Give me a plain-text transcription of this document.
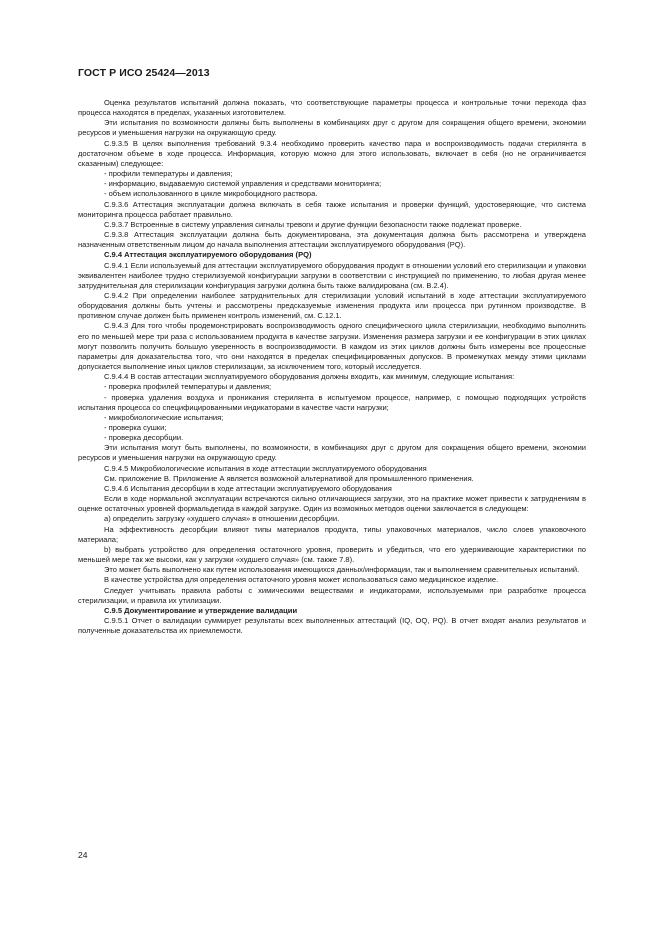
ГОСТ Р ИСО 25424—2013

Оценка результатов испытаний должна показать, что соответствующие параметры процесса и контрольные точки перехода фаз процесса находятся в пределах, указанных изготовителем.

Эти испытания по возможности должны быть выполнены в комбинациях друг с другом для сокращения общего времени, экономии ресурсов и уменьшения нагрузки на окружающую среду.

С.9.3.5 В целях выполнения требований 9.3.4 необходимо проверить качество пара и воспроизводимость подачи стерилянта в достаточном объеме в ходе процесса. Информация, которую можно для этого использовать, включает в себя (но не ограничивается сказанным) следующее:

- профили температуры и давления;

- информацию, выдаваемую системой управления и средствами мониторинга;

- объем использованного в цикле микробоцидного раствора.

С.9.3.6 Аттестация эксплуатации должна включать в себя также испытания и проверки функций, удостоверяющие, что система мониторинга процесса работает правильно.

С.9.3.7 Встроенные в систему управления сигналы тревоги и другие функции безопасности также подлежат проверке.

С.9.3.8 Аттестация эксплуатации должна быть документирована, эта документация должна быть рассмотрена и утверждена назначенным ответственным лицом до начала выполнения аттестации эксплуатируемого оборудования (PQ).

С.9.4 Аттестация эксплуатируемого оборудования (PQ)

С.9.4.1 Если используемый для аттестации эксплуатируемого оборудования продукт в отношении условий его стерилизации и упаковки эквивалентен наиболее трудно стерилизуемой конфигурации загрузки в соответствии с инструкцией по применению, то любая другая менее затруднительная для стерилизации конфигурация загрузки должна быть также валидирована (см. В.2.4).

С.9.4.2 При определении наиболее затруднительных для стерилизации условий испытаний в ходе аттестации эксплуатируемого оборудования должны быть учтены и рассмотрены предсказуемые изменения продукта или процесса при рутинном производстве. В противном случае должен быть применен контроль изменений, см. С.12.1.

С.9.4.3 Для того чтобы продемонстрировать воспроизводимость одного специфического цикла стерилизации, необходимо выполнить его по меньшей мере три раза с использованием продукта в качестве загрузки. Изменения размера загрузки и ее конфигурации в этих циклах могут позволить получить большую уверенность в воспроизводимости. В каждом из этих циклов должны быть измерены все процессные параметры для доказательства того, что они находятся в пределах специфицированных допусков. В промежутках между этими циклами допускается выполнение иных циклов стерилизации, за исключением того, который исследуется.

С.9.4.4 В состав аттестации эксплуатируемого оборудования должны входить, как минимум, следующие испытания:

- проверка профилей температуры и давления;

- проверка удаления воздуха и проникания стерилянта в испытуемом процессе, например, с помощью подходящих устройств испытания процесса со специфицированными индикаторами в качестве части нагрузки;

- микробиологические испытания;

- проверка сушки;

- проверка десорбции.

Эти испытания могут быть выполнены, по возможности, в комбинациях друг с другом для сокращения общего времени, экономии ресурсов и уменьшения нагрузки на окружающую среду.

С.9.4.5 Микробиологические испытания в ходе аттестации эксплуатируемого оборудования

См. приложение В. Приложение А является возможной альтернативой для промышленного применения.

С.9.4.6 Испытания десорбции в ходе аттестации эксплуатируемого оборудования

Если в ходе нормальной эксплуатации встречаются сильно отличающиеся загрузки, это на практике может привести к затруднениям в оценке остаточных уровней формальдегида в каждой загрузке. Один из возможных методов оценки заключается в следующем:

а) определить загрузку «худшего случая» в отношении десорбции.

На эффективность десорбции влияют типы материалов продукта, типы упаковочных материалов, число слоев упаковочного материала;

b) выбрать устройство для определения остаточного уровня, проверить и убедиться, что его удерживающие характеристики по меньшей мере так же высоки, как у загрузки «худшего случая» (см. также 7.8).

Это может быть выполнено как путем использования имеющихся данных/информации, так и выполнением сравнительных испытаний.

В качестве устройства для определения остаточного уровня может использоваться само медицинское изделие.

Следует учитывать правила работы с химическими веществами и индикаторами, используемыми при разработке процесса стерилизации, и правила их утилизации.

С.9.5 Документирование и утверждение валидации

С.9.5.1 Отчет о валидации суммирует результаты всех выполненных аттестаций (IQ, OQ, PQ). В отчет входят анализ результатов и полученные доказательства их приемлемости.

24
